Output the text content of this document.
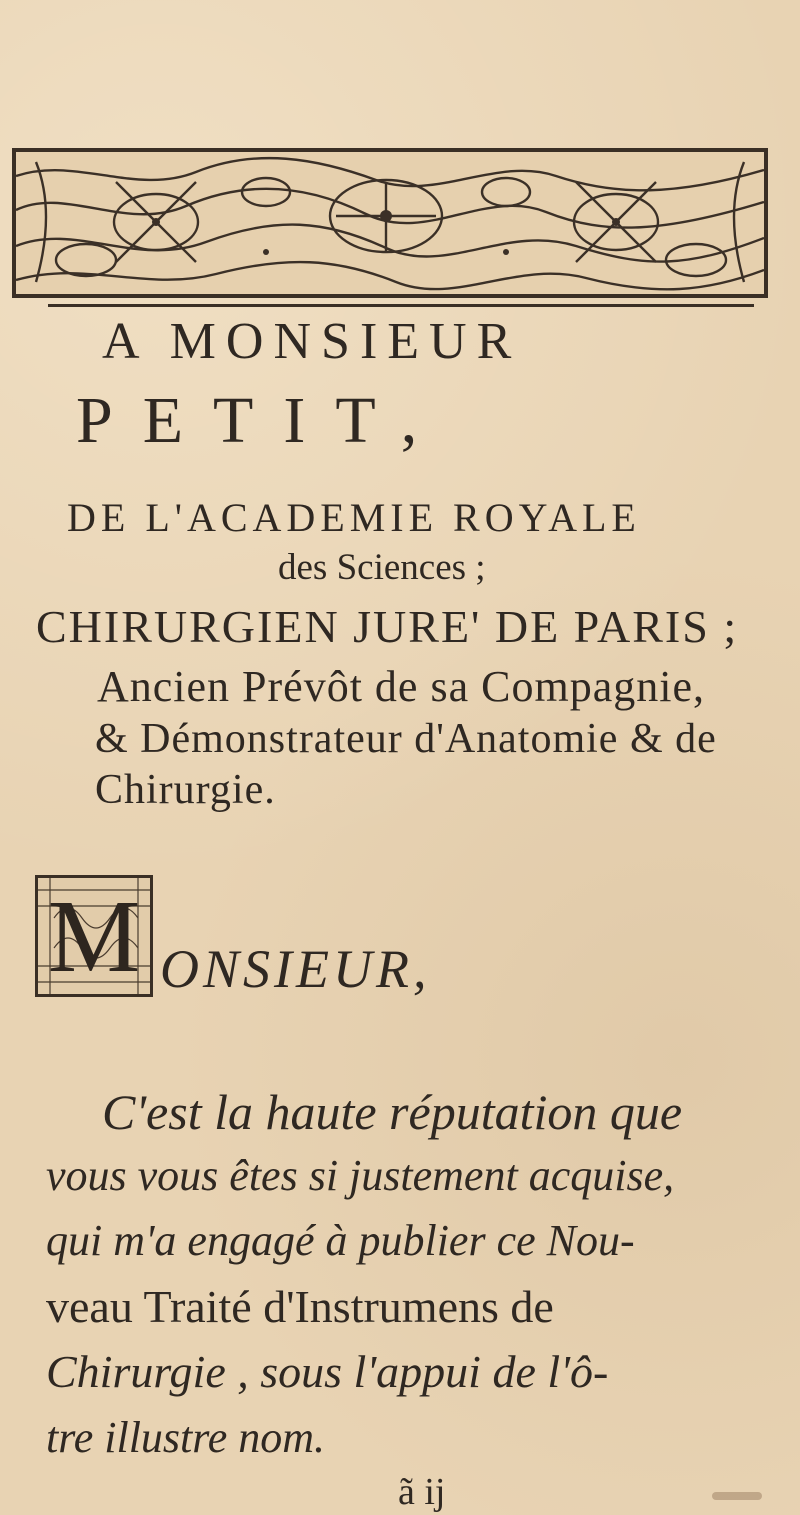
A MONSIEUR
PETIT,
DE L'ACADEMIE ROYALE
des Sciences ;
CHIRURGIEN JURE' DE PARIS ;
Ancien Prévôt de sa Compagnie,
& Démonstrateur d'Anatomie & de
Chirurgie.
M ONSIEUR,
C'est la haute réputation que
vous vous êtes si justement acquise,
qui m'a engagé à publier ce Nou-
veau Traité d'Instrumens de
Chirurgie , sous l'appui de l'ô-
tre illustre nom.
ã ij
